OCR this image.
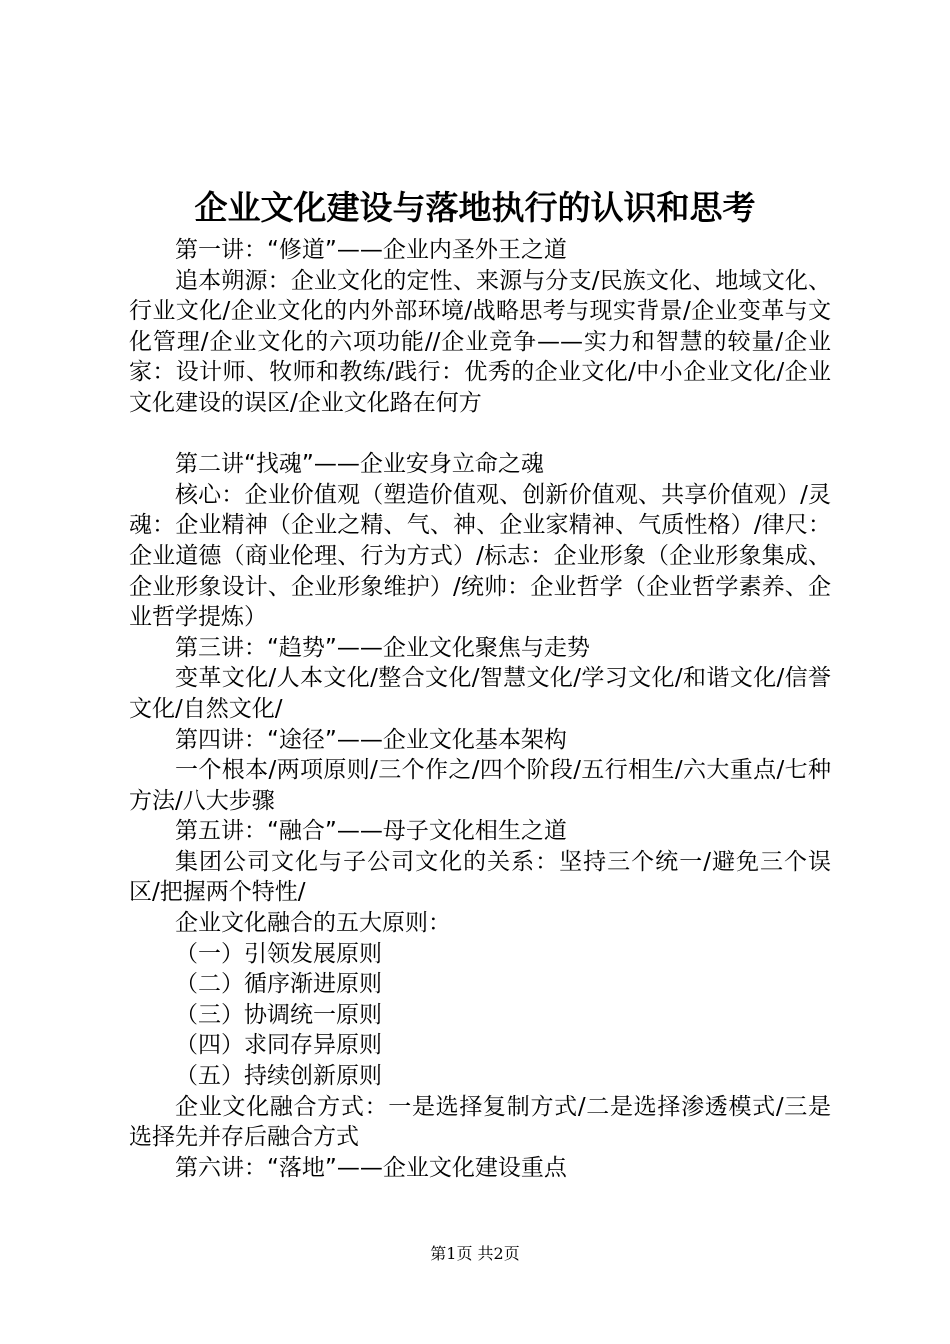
企业文化建设与落地执行的认识和思考

第一讲：“修道”——企业内圣外王之道

追本朔源：企业文化的定性、来源与分支/民族文化、地域文化、行业文化/企业文化的内外部环境/战略思考与现实背景/企业变革与文化管理/企业文化的六项功能//企业竞争——实力和智慧的较量/企业家：设计师、牧师和教练/践行：优秀的企业文化/中小企业文化/企业文化建设的误区/企业文化路在何方

第二讲“找魂”——企业安身立命之魂

核心：企业价值观（塑造价值观、创新价值观、共享价值观）/灵魂：企业精神（企业之精、气、神、企业家精神、气质性格）/律尺：企业道德（商业伦理、行为方式）/标志：企业形象（企业形象集成、企业形象设计、企业形象维护）/统帅：企业哲学（企业哲学素养、企业哲学提炼）

第三讲：“趋势”——企业文化聚焦与走势

变革文化/人本文化/整合文化/智慧文化/学习文化/和谐文化/信誉文化/自然文化/

第四讲：“途径”——企业文化基本架构

一个根本/两项原则/三个作之/四个阶段/五行相生/六大重点/七种方法/八大步骤

第五讲：“融合”——母子文化相生之道

集团公司文化与子公司文化的关系：坚持三个统一/避免三个误区/把握两个特性/

企业文化融合的五大原则：

（一）引领发展原则

（二）循序渐进原则

（三）协调统一原则

（四）求同存异原则

（五）持续创新原则

企业文化融合方式：一是选择复制方式/二是选择渗透模式/三是选择先并存后融合方式

第六讲：“落地”——企业文化建设重点

第1页 共2页
